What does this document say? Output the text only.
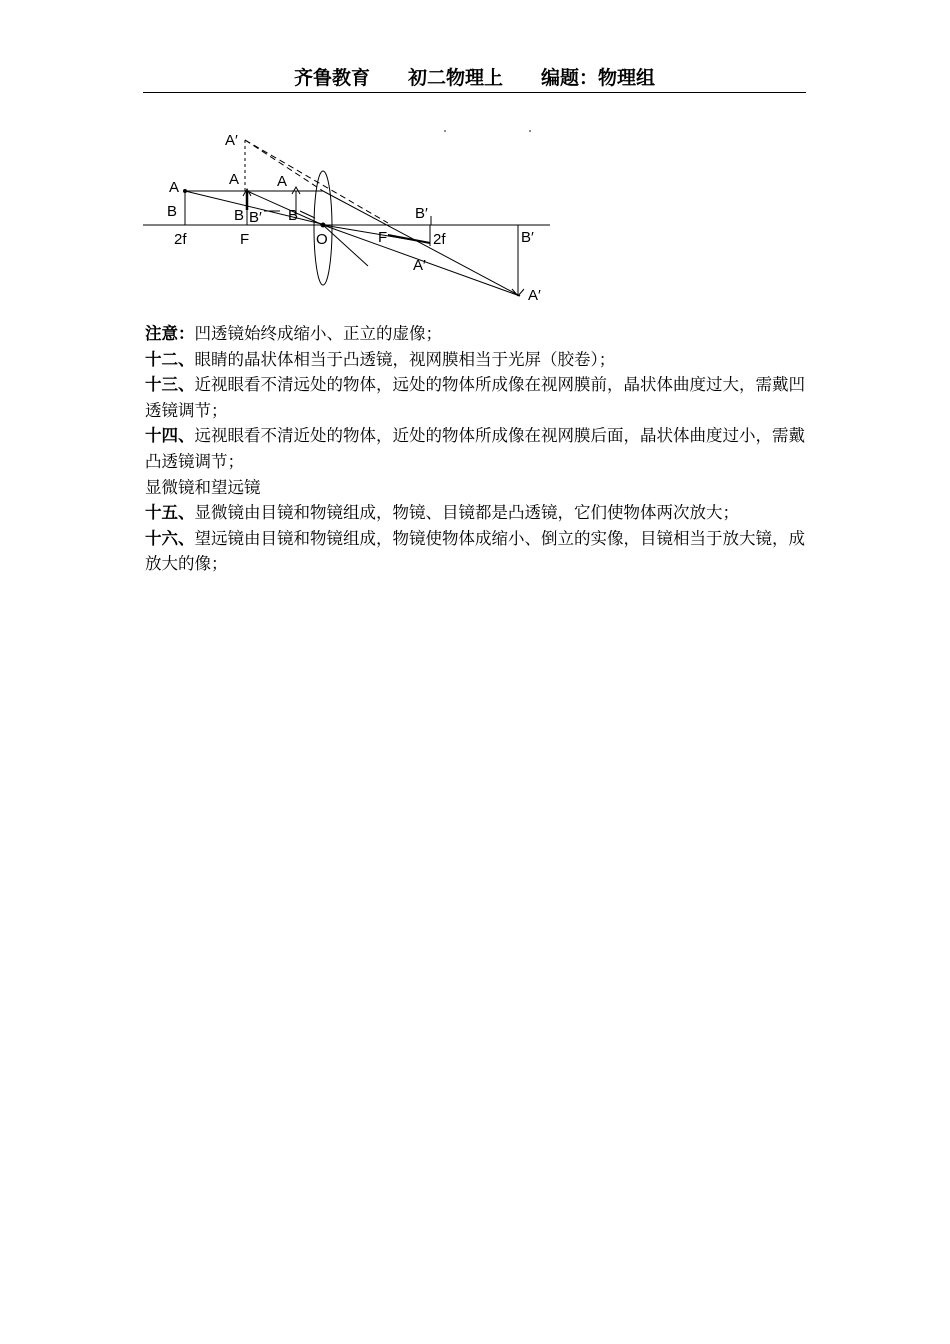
齐鲁教育 初二物理上 编题：物理组
A′
A
B
2f
A
B B′
F
A
B
O	F
B′
2f
A′
B′
A′

注意：凹透镜始终成缩小、正立的虚像；

十二、眼睛的晶状体相当于凸透镜，视网膜相当于光屏（胶卷）；

十三、近视眼看不清远处的物体，远处的物体所成像在视网膜前，晶状体曲度过大，需戴凹透镜调节；

十四、远视眼看不清近处的物体，近处的物体所成像在视网膜后面，晶状体曲度过小，需戴凸透镜调节；

显微镜和望远镜

十五、显微镜由目镜和物镜组成，物镜、目镜都是凸透镜，它们使物体两次放大；

十六、望远镜由目镜和物镜组成，物镜使物体成缩小、倒立的实像，目镜相当于放大镜，成放大的像；
